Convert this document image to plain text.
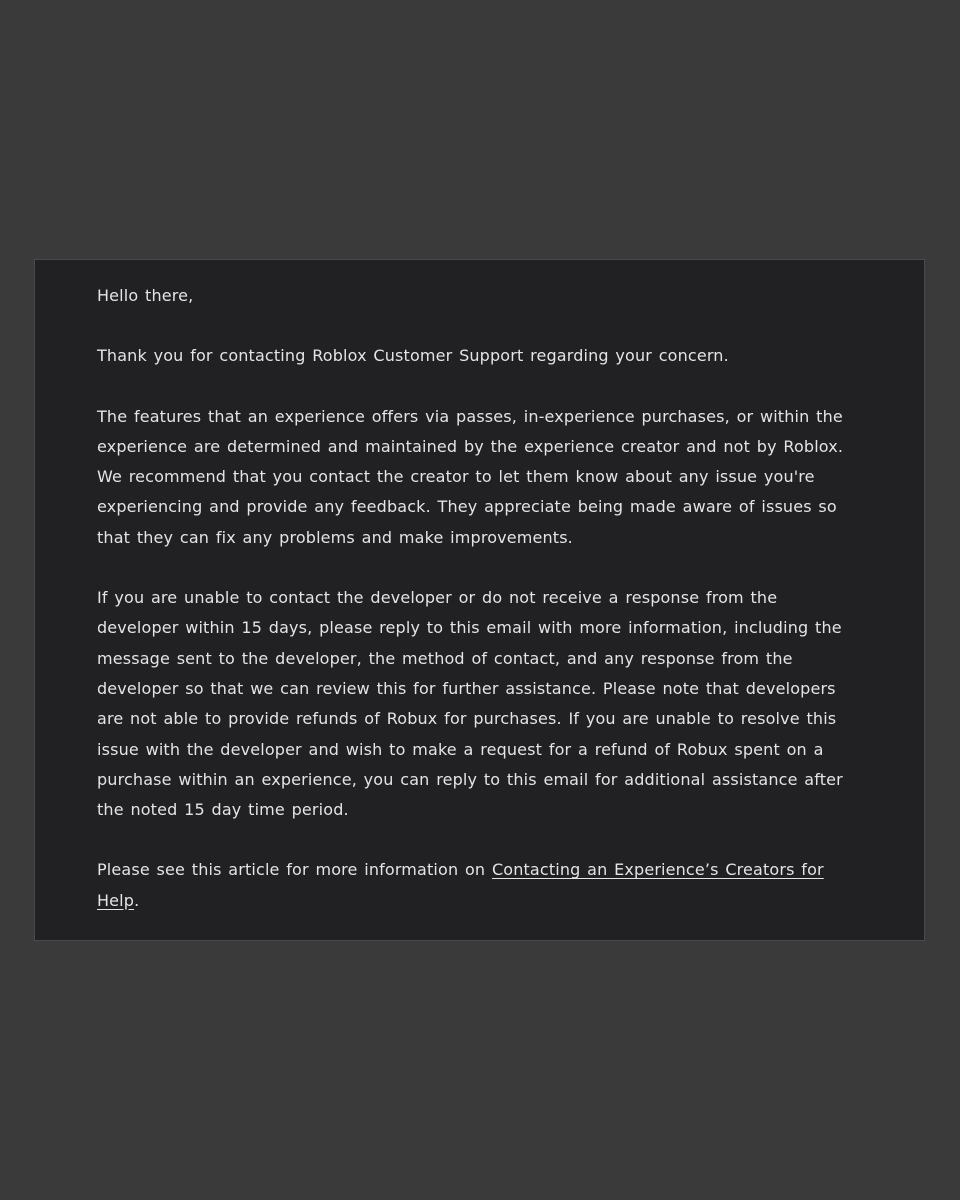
Hello there,

Thank you for contacting Roblox Customer Support regarding your concern.

The features that an experience offers via passes, in-experience purchases, or within the experience are determined and maintained by the experience creator and not by Roblox. We recommend that you contact the creator to let them know about any issue you're experiencing and provide any feedback. They appreciate being made aware of issues so that they can fix any problems and make improvements.

If you are unable to contact the developer or do not receive a response from the developer within 15 days, please reply to this email with more information, including the message sent to the developer, the method of contact, and any response from the developer so that we can review this for further assistance. Please note that developers are not able to provide refunds of Robux for purchases. If you are unable to resolve this issue with the developer and wish to make a request for a refund of Robux spent on a purchase within an experience, you can reply to this email for additional assistance after the noted 15 day time period.

Please see this article for more information on Contacting an Experience’s Creators for Help.
